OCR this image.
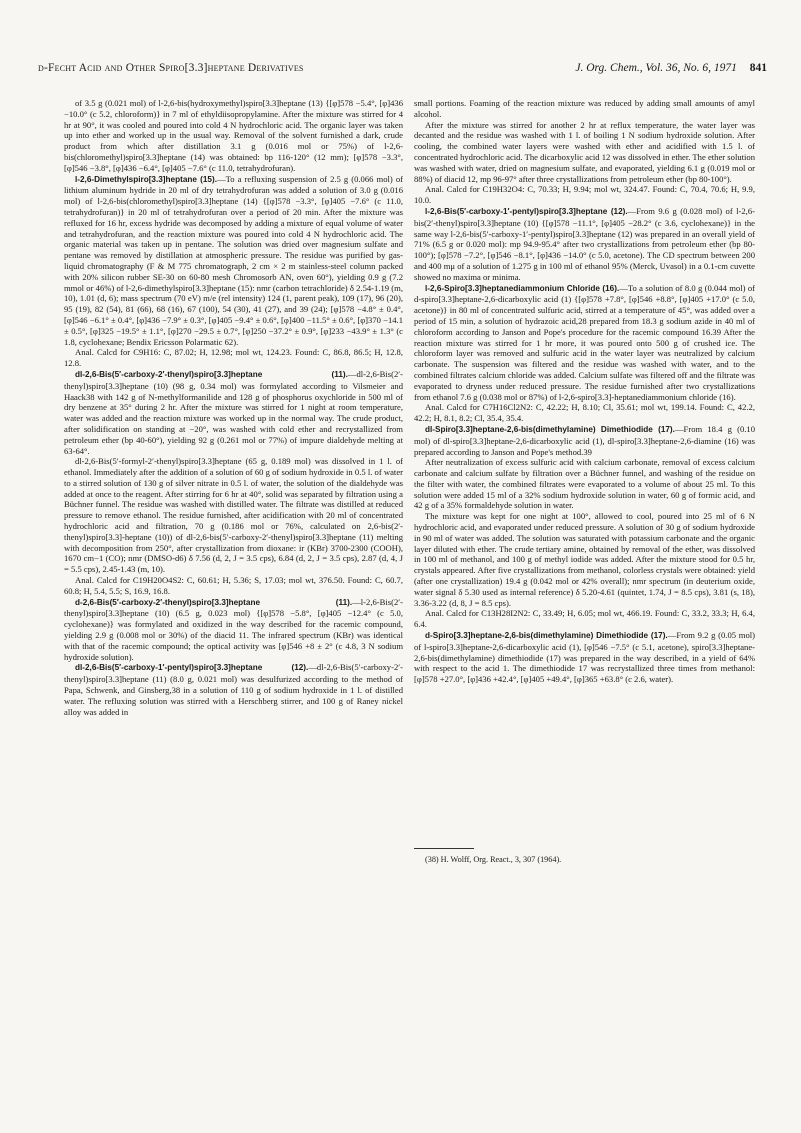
d-Fecht Acid and Other Spiro[3.3]heptane Derivatives	J. Org. Chem., Vol. 36, No. 6, 1971 841

of 3.5 g (0.021 mol) of l-2,6-bis(hydroxymethyl)spiro[3.3]heptane (13) {[φ]578 −5.4°, [φ]436 −10.0° (c 5.2, chloroform)} in 7 ml of ethyldiisopropylamine. After the mixture was stirred for 4 hr at 90°, it was cooled and poured into cold 4 N hydrochloric acid. The organic layer was taken up into ether and worked up in the usual way. Removal of the solvent furnished a dark, crude product from which after distillation 3.1 g (0.016 mol or 75%) of l-2,6-bis(chloromethyl)spiro[3.3]heptane (14) was obtained: bp 116-120° (12 mm); [φ]578 −3.3°, [φ]546 −3.8°, [φ]436 −6.4°, [φ]405 −7.6° (c 11.0, tetrahydrofuran).

l-2,6-Dimethylspiro[3.3]heptane (15).—To a refluxing suspension of 2.5 g (0.066 mol) of lithium aluminum hydride in 20 ml of dry tetrahydrofuran was added a solution of 3.0 g (0.016 mol) of l-2,6-bis(chloromethyl)spiro[3.3]heptane (14) {[φ]578 −3.3°, [φ]405 −7.6° (c 11.0, tetrahydrofuran)} in 20 ml of tetrahydrofuran over a period of 20 min. After the mixture was refluxed for 16 hr, excess hydride was decomposed by adding a mixture of equal volume of water and tetrahydrofuran, and the reaction mixture was poured into cold 4 N hydrochloric acid. The organic material was taken up in pentane. The solution was dried over magnesium sulfate and pentane was removed by distillation at atmospheric pressure. The residue was purified by gas-liquid chromatography (F & M 775 chromatograph, 2 cm × 2 m stainless-steel column packed with 20% silicon rubber SE-30 on 60-80 mesh Chromosorb AN, oven 60°), yielding 0.9 g (7.2 mmol or 46%) of l-2,6-dimethylspiro[3.3]heptane (15): nmr (carbon tetrachloride) δ 2.54-1.19 (m, 10), 1.01 (d, 6); mass spectrum (70 eV) m/e (rel intensity) 124 (1, parent peak), 109 (17), 96 (20), 95 (19), 82 (54), 81 (66), 68 (16), 67 (100), 54 (30), 41 (27), and 39 (24); [φ]578 −4.8° ± 0.4°, [φ]546 −6.1° ± 0.4°, [φ]436 −7.9° ± 0.3°, [φ]405 −9.4° ± 0.6°, [φ]400 −11.5° ± 0.6°, [φ]370 −14.1 ± 0.5°, [φ]325 −19.5° ± 1.1°, [φ]270 −29.5 ± 0.7°, [φ]250 −37.2° ± 0.9°, [φ]233 −43.9° ± 1.3° (c 1.8, cyclohexane; Bendix Ericsson Polarmatic 62).

Anal. Calcd for C9H16: C, 87.02; H, 12.98; mol wt, 124.23. Found: C, 86.8, 86.5; H, 12.8, 12.8.

dl-2,6-Bis(5′-carboxy-2′-thenyl)spiro[3.3]heptane (11).—dl-2,6-Bis(2′-thenyl)spiro[3.3]heptane (10) (98 g, 0.34 mol) was formylated according to Vilsmeier and Haack38 with 142 g of N-methylformanilide and 128 g of phosphorus oxychloride in 500 ml of dry benzene at 35° during 2 hr. After the mixture was stirred for 1 night at room temperature, water was added and the reaction mixture was worked up in the normal way. The crude product, after solidification on standing at −20°, was washed with cold ether and recrystallized from petroleum ether (bp 40-60°), yielding 92 g (0.261 mol or 77%) of impure dialdehyde melting at 63-64°.

dl-2,6-Bis(5′-formyl-2′-thenyl)spiro[3.3]heptane (65 g, 0.189 mol) was dissolved in 1 l. of ethanol. Immediately after the addition of a solution of 60 g of sodium hydroxide in 0.5 l. of water to a stirred solution of 130 g of silver nitrate in 0.5 l. of water, the solution of the dialdehyde was added at once to the reagent. After stirring for 6 hr at 40°, solid was separated by filtration using a Büchner funnel. The residue was washed with distilled water. The filtrate was distilled at reduced pressure to remove ethanol. The residue furnished, after acidification with 20 ml of concentrated hydrochloric acid and filtration, 70 g (0.186 mol or 76%, calculated on 2,6-bis(2′-thenyl)spiro[3.3]-heptane (10)) of dl-2,6-bis(5′-carboxy-2′-thenyl)spiro[3.3]heptane (11) melting with decomposition from 250°, after crystallization from dioxane: ir (KBr) 3700-2300 (COOH), 1670 cm−1 (CO); nmr (DMSO-d6) δ 7.56 (d, 2, J = 3.5 cps), 6.84 (d, 2, J = 3.5 cps), 2.87 (d, 4, J = 5.5 cps), 2.45-1.43 (m, 10).

Anal. Calcd for C19H20O4S2: C, 60.61; H, 5.36; S, 17.03; mol wt, 376.50. Found: C, 60.7, 60.8; H, 5.4, 5.5; S, 16.9, 16.8.

d-2,6-Bis(5′-carboxy-2′-thenyl)spiro[3.3]heptane (11).—l-2,6-Bis(2′-thenyl)spiro[3.3]heptane (10) (6.5 g, 0.023 mol) {[φ]578 −5.8°, [φ]405 −12.4° (c 5.0, cyclohexane)} was formylated and oxidized in the way described for the racemic compound, yielding 2.9 g (0.008 mol or 30%) of the diacid 11. The infrared spectrum (KBr) was identical with that of the racemic compound; the optical activity was [φ]546 +8 ± 2° (c 4.8, 3 N sodium hydroxide solution).

dl-2,6-Bis(5′-carboxy-1′-pentyl)spiro[3.3]heptane (12).—dl-2,6-Bis(5′-carboxy-2′-thenyl)spiro[3.3]heptane (11) (8.0 g, 0.021 mol) was desulfurized according to the method of Papa, Schwenk, and Ginsberg,38 in a solution of 110 g of sodium hydroxide in 1 l. of distilled water. The refluxing solution was stirred with a Herschberg stirrer, and 100 g of Raney nickel alloy was added in

small portions. Foaming of the reaction mixture was reduced by adding small amounts of amyl alcohol.

After the mixture was stirred for another 2 hr at reflux temperature, the water layer was decanted and the residue was washed with 1 l. of boiling 1 N sodium hydroxide solution. After cooling, the combined water layers were washed with ether and acidified with 1.5 l. of concentrated hydrochloric acid. The dicarboxylic acid 12 was dissolved in ether. The ether solution was washed with water, dried on magnesium sulfate, and evaporated, yielding 6.1 g (0.019 mol or 88%) of diacid 12, mp 96-97° after three crystallizations from petroleum ether (bp 80-100°).

Anal. Calcd for C19H32O4: C, 70.33; H, 9.94; mol wt, 324.47. Found: C, 70.4, 70.6; H, 9.9, 10.0.

l-2,6-Bis(5′-carboxy-1′-pentyl)spiro[3.3]heptane (12).—From 9.6 g (0.028 mol) of l-2,6-bis(2′-thenyl)spiro[3.3]heptane (10) {[φ]578 −11.1°, [φ]405 −28.2° (c 3.6, cyclohexane)} in the same way l-2,6-bis(5′-carboxy-1′-pentyl)spiro[3.3]heptane (12) was prepared in an overall yield of 71% (6.5 g or 0.020 mol): mp 94.9-95.4° after two crystallizations from petroleum ether (bp 80-100°); [φ]578 −7.2°, [φ]546 −8.1°, [φ]436 −14.0° (c 5.0, acetone). The CD spectrum between 200 and 400 mμ of a solution of 1.275 g in 100 ml of ethanol 95% (Merck, Uvasol) in a 0.1-cm cuvette showed no maxima or minima.

l-2,6-Spiro[3.3]heptanediammonium Chloride (16).—To a solution of 8.0 g (0.044 mol) of d-spiro[3.3]heptane-2,6-dicarboxylic acid (1) {[φ]578 +7.8°, [φ]546 +8.8°, [φ]405 +17.0° (c 5.0, acetone)} in 80 ml of concentrated sulfuric acid, stirred at a temperature of 45°, was added over a period of 15 min, a solution of hydrazoic acid,28 prepared from 18.3 g sodium azide in 40 ml of chloroform according to Janson and Pope's procedure for the racemic compound 16.39 After the reaction mixture was stirred for 1 hr more, it was poured onto 500 g of crushed ice. The chloroform layer was removed and sulfuric acid in the water layer was neutralized by calcium carbonate. The suspension was filtered and the residue was washed with water, and to the combined filtrates calcium chloride was added. Calcium sulfate was filtered off and the filtrate was evaporated to dryness under reduced pressure. The residue furnished after two crystallizations from ethanol 7.6 g (0.038 mol or 87%) of l-2,6-spiro[3.3]-heptanediammonium chloride (16).

Anal. Calcd for C7H16Cl2N2: C, 42.22; H, 8.10; Cl, 35.61; mol wt, 199.14. Found: C, 42.2, 42.2; H, 8.1, 8.2; Cl, 35.4, 35.4.

dl-Spiro[3.3]heptane-2,6-bis(dimethylamine) Dimethiodide (17).—From 18.4 g (0.10 mol) of dl-spiro[3.3]heptane-2,6-dicarboxylic acid (1), dl-spiro[3.3]heptane-2,6-diamine (16) was prepared according to Janson and Pope's method.39

After neutralization of excess sulfuric acid with calcium carbonate, removal of excess calcium carbonate and calcium sulfate by filtration over a Büchner funnel, and washing of the residue on the filter with water, the combined filtrates were evaporated to a volume of about 25 ml. To this solution were added 15 ml of a 32% sodium hydroxide solution in water, 60 g of formic acid, and 42 g of a 35% formaldehyde solution in water.

The mixture was kept for one night at 100°, allowed to cool, poured into 25 ml of 6 N hydrochloric acid, and evaporated under reduced pressure. A solution of 30 g of sodium hydroxide in 90 ml of water was added. The solution was saturated with potassium carbonate and the organic layer diluted with ether. The crude tertiary amine, obtained by removal of the ether, was dissolved in 100 ml of methanol, and 100 g of methyl iodide was added. After the mixture stood for 0.5 hr, crystals appeared. After five crystallizations from methanol, colorless crystals were obtained: yield (after one crystallization) 19.4 g (0.042 mol or 42% overall); nmr spectrum (in deuterium oxide, water signal δ 5.30 used as internal reference) δ 5.20-4.61 (quintet, 1.74, J = 8.5 cps), 3.81 (s, 18), 3.36-3.22 (d, 8, J = 8.5 cps).

Anal. Calcd for C13H28I2N2: C, 33.49; H, 6.05; mol wt, 466.19. Found: C, 33.2, 33.3; H, 6.4, 6.4.

d-Spiro[3.3]heptane-2,6-bis(dimethylamine) Dimethiodide (17).—From 9.2 g (0.05 mol) of l-spiro[3.3]heptane-2,6-dicarboxylic acid (1), [φ]546 −7.5° (c 5.1, acetone), spiro[3.3]heptane-2,6-bis(dimethylamine) dimethiodide (17) was prepared in the way described, in a yield of 64% with respect to the acid 1. The dimethiodide 17 was recrystallized three times from methanol: [φ]578 +27.0°, [φ]436 +42.4°, [φ]405 +49.4°, [φ]365 +63.8° (c 2.6, water).

(38) H. Wolff, Org. React., 3, 307 (1964).
